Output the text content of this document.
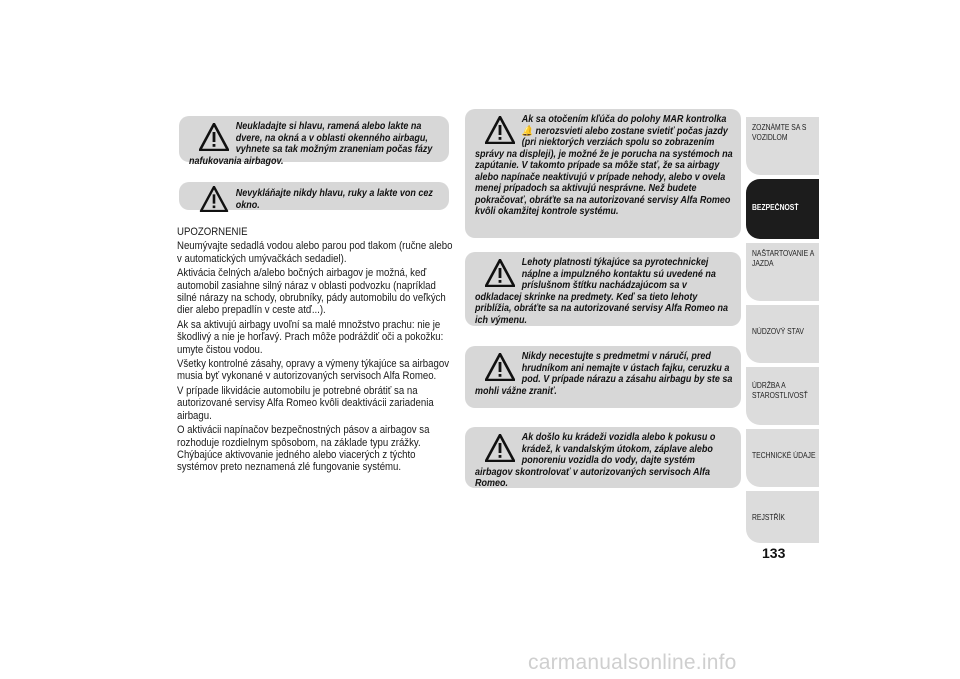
Neukladajte si hlavu, ramená alebo lakte na dvere, na okná a v oblasti okenného airbagu, vyhnete sa tak možným zraneniam počas fázy nafukovania airbagov.

Nevykláňajte nikdy hlavu, ruky a lakte von cez okno.

UPOZORNENIE

Neumývajte sedadlá vodou alebo parou pod tlakom (ručne alebo v automatických umývačkách sedadiel).

Aktivácia čelných a/alebo bočných airbagov je možná, keď automobil zasiahne silný náraz v oblasti podvozku (napríklad silné nárazy na schody, obrubníky, pády automobilu do veľkých dier alebo prepadlín v ceste atď...).

Ak sa aktivujú airbagy uvoľní sa malé množstvo prachu: nie je škodlivý a nie je horľavý. Prach môže podráždiť oči a pokožku: umyte čistou vodou.

Všetky kontrolné zásahy, opravy a výmeny týkajúce sa airbagov musia byť vykonané v autorizovaných servisoch Alfa Romeo.

V prípade likvidácie automobilu je potrebné obrátiť sa na autorizované servisy Alfa Romeo kvôli deaktivácii zariadenia airbagu.

O aktivácii napínačov bezpečnostných pásov a airbagov sa rozhoduje rozdielnym spôsobom, na základe typu zrážky. Chýbajúce aktivovanie jedného alebo viacerých z týchto systémov preto neznamená zlé fungovanie systému.

Ak sa otočením kľúča do polohy MAR kontrolka 🔔 nerozsvieti alebo zostane svietiť počas jazdy (pri niektorých verziách spolu so zobrazením správy na displeji), je možné že je porucha na systémoch na zapútanie. V takomto prípade sa môže stať, že sa airbagy alebo napínače neaktivujú v prípade nehody, alebo v ovela menej prípadoch sa aktivujú nesprávne. Než budete pokračovať, obráťte sa na autorizované servisy Alfa Romeo kvôli okamžitej kontrole systému.

Lehoty platnosti týkajúce sa pyrotechnickej náplne a impulzného kontaktu sú uvedené na príslušnom štítku nachádzajúcom sa v odkladacej skrinke na predmety. Keď sa tieto lehoty priblížia, obráťte sa na autorizované servisy Alfa Romeo na ich výmenu.

Nikdy necestujte s predmetmi v náručí, pred hrudníkom ani nemajte v ústach fajku, ceruzku a pod. V prípade nárazu a zásahu airbagu by ste sa mohli vážne zraniť.

Ak došlo ku krádeži vozidla alebo k pokusu o krádež, k vandalským útokom, záplave alebo ponoreniu vozidla do vody, dajte systém airbagov skontrolovať v autorizovaných servisoch Alfa Romeo.

ZOZNÁMTE SA S VOZIDLOM
BEZPEČNOSŤ
NAŠTARTOVANIE A JAZDA
NÚDZOVÝ STAV
ÚDRŽBA A STAROSTLIVOSŤ
TECHNICKÉ ÚDAJE
REJSTŘÍK
133
carmanualsonline.info
